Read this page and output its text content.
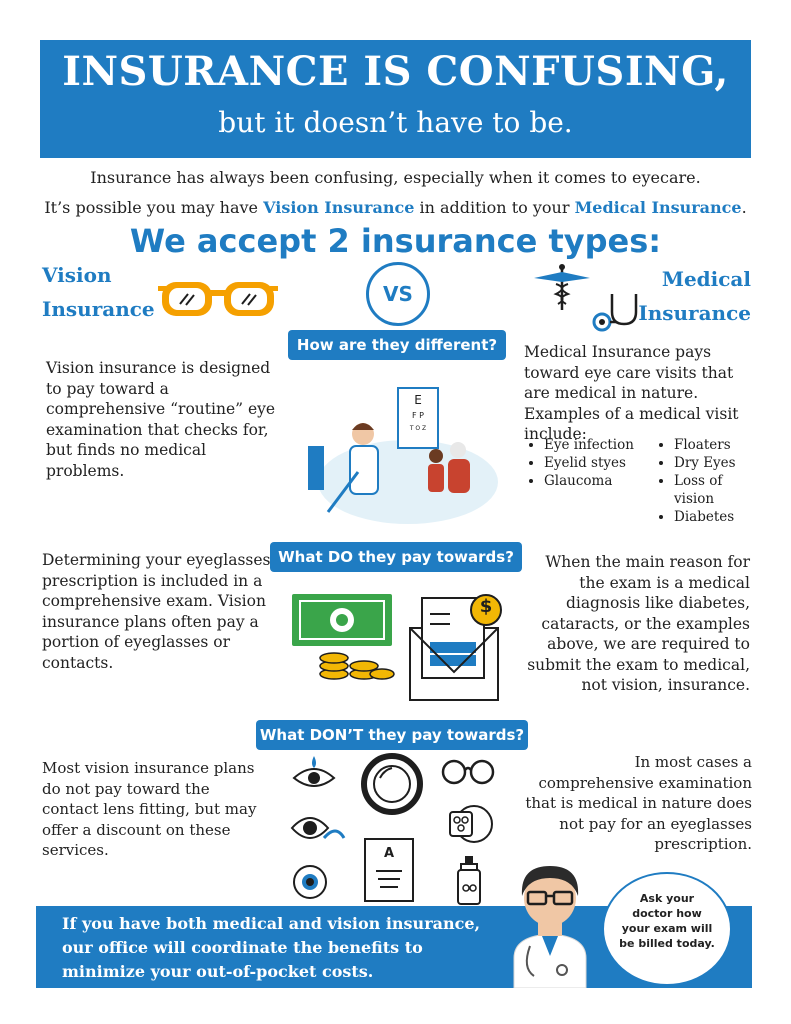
INSURANCE IS CONFUSING,
but it doesn’t have to be.
Insurance has always been confusing, especially when it comes to eyecare.
It’s possible you may have Vision Insurance in addition to your Medical Insurance.
We accept 2 insurance types:
Vision
Insurance
VS
Medical
Insurance
How are they different?
Vision insurance is designed to pay toward a comprehensive “routine” eye examination that checks for, but finds no medical problems.
E
F P
T O Z
Medical Insurance pays toward eye care visits that are medical in nature. Examples of a medical visit include:
• Eye infection
• Eyelid styes
• Glaucoma
• Floaters
• Dry Eyes
• Loss of vision
• Diabetes
What DO they pay towards?
Determining your eyeglasses prescription is included in a comprehensive exam. Vision insurance plans often pay a portion of eyeglasses or contacts.
$
When the main reason for the exam is a medical diagnosis like diabetes, cataracts, or the examples above, we are required to submit the exam to medical, not vision, insurance.
What DON’T they pay towards?
Most vision insurance plans do not pay toward the contact lens fitting, but may offer a discount on these services.	A
In most cases a comprehensive examination that is medical in nature does not pay for an eyeglasses prescription.
If you have both medical and vision insurance, our office will coordinate the benefits to minimize your out-of-pocket costs.
Ask your doctor how your exam will be billed today.
